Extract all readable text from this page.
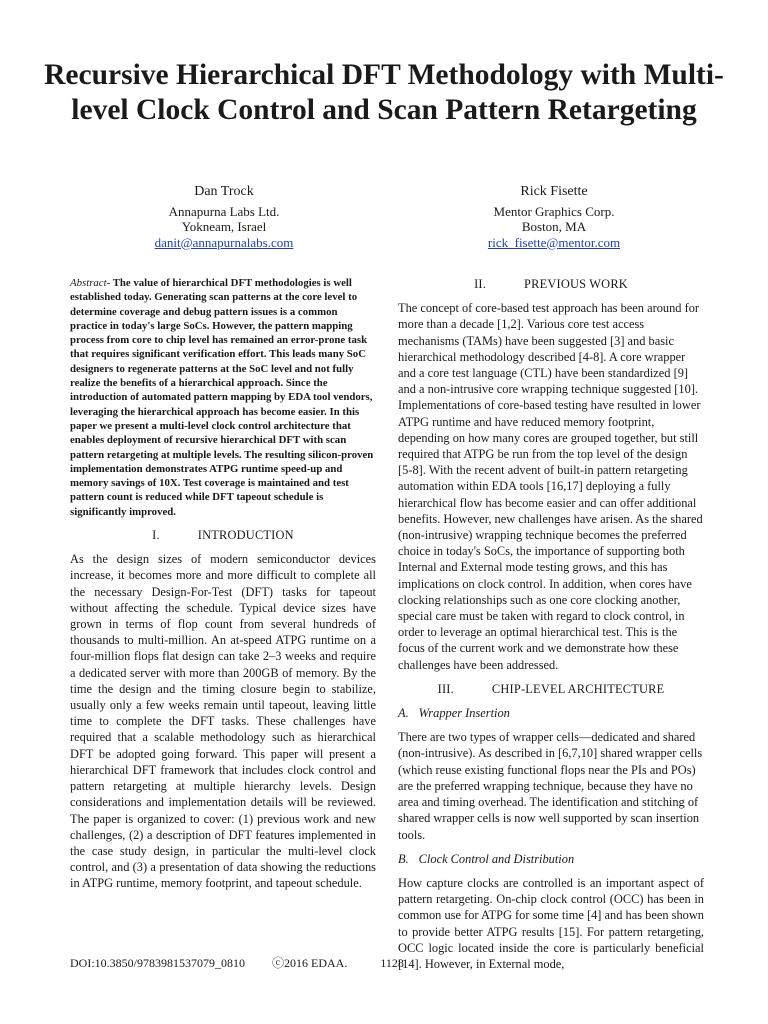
Recursive Hierarchical DFT Methodology with Multi-level Clock Control and Scan Pattern Retargeting
Dan Trock
Annapurna Labs Ltd.
Yokneam, Israel
danit@annapurnalabs.com
Rick Fisette
Mentor Graphics Corp.
Boston, MA
rick_fisette@mentor.com

Abstract- The value of hierarchical DFT methodologies is well established today. Generating scan patterns at the core level to determine coverage and debug pattern issues is a common practice in today's large SoCs. However, the pattern mapping process from core to chip level has remained an error-prone task that requires significant verification effort. This leads many SoC designers to regenerate patterns at the SoC level and not fully realize the benefits of a hierarchical approach. Since the introduction of automated pattern mapping by EDA tool vendors, leveraging the hierarchical approach has become easier. In this paper we present a multi-level clock control architecture that enables deployment of recursive hierarchical DFT with scan pattern retargeting at multiple levels. The resulting silicon-proven implementation demonstrates ATPG runtime speed-up and memory savings of 10X. Test coverage is maintained and test pattern count is reduced while DFT tapeout schedule is significantly improved.

I.	INTRODUCTION

As the design sizes of modern semiconductor devices increase, it becomes more and more difficult to complete all the necessary Design-For-Test (DFT) tasks for tapeout without affecting the schedule. Typical device sizes have grown in terms of flop count from several hundreds of thousands to multi-million. An at-speed ATPG runtime on a four-million flops flat design can take 2–3 weeks and require a dedicated server with more than 200GB of memory. By the time the design and the timing closure begin to stabilize, usually only a few weeks remain until tapeout, leaving little time to complete the DFT tasks. These challenges have required that a scalable methodology such as hierarchical DFT be adopted going forward. This paper will present a hierarchical DFT framework that includes clock control and pattern retargeting at multiple hierarchy levels. Design considerations and implementation details will be reviewed. The paper is organized to cover: (1) previous work and new challenges, (2) a description of DFT features implemented in the case study design, in particular the multi-level clock control, and (3) a presentation of data showing the reductions in ATPG runtime, memory footprint, and tapeout schedule.

II.	PREVIOUS WORK

The concept of core-based test approach has been around for more than a decade [1,2]. Various core test access mechanisms (TAMs) have been suggested [3] and basic hierarchical methodology described [4-8]. A core wrapper and a core test language (CTL) have been standardized [9] and a non-intrusive core wrapping technique suggested [10]. Implementations of core-based testing have resulted in lower ATPG runtime and have reduced memory footprint, depending on how many cores are grouped together, but still required that ATPG be run from the top level of the design [5-8]. With the recent advent of built-in pattern retargeting automation within EDA tools [16,17] deploying a fully hierarchical flow has become easier and can offer additional benefits. However, new challenges have arisen. As the shared (non-intrusive) wrapping technique becomes the preferred choice in today's SoCs, the importance of supporting both Internal and External mode testing grows, and this has implications on clock control. In addition, when cores have clocking relationships such as one core clocking another, special care must be taken with regard to clock control, in order to leverage an optimal hierarchical test. This is the focus of the current work and we demonstrate how these challenges have been addressed.

III.	CHIP-LEVEL ARCHITECTURE
A. Wrapper Insertion

There are two types of wrapper cells—dedicated and shared (non-intrusive). As described in [6,7,10] shared wrapper cells (which reuse existing functional flops near the PIs and POs) are the preferred wrapping technique, because they have no area and timing overhead. The identification and stitching of shared wrapper cells is now well supported by scan insertion tools.

B. Clock Control and Distribution

How capture clocks are controlled is an important aspect of pattern retargeting. On-chip clock control (OCC) has been in common use for ATPG for some time [4] and has been shown to provide better ATPG results [15]. For pattern retargeting, OCC logic located inside the core is particularly beneficial [14]. However, in External mode,

DOI:10.3850/9783981537079_0810 ⓒ2016 EDAA.	1128
